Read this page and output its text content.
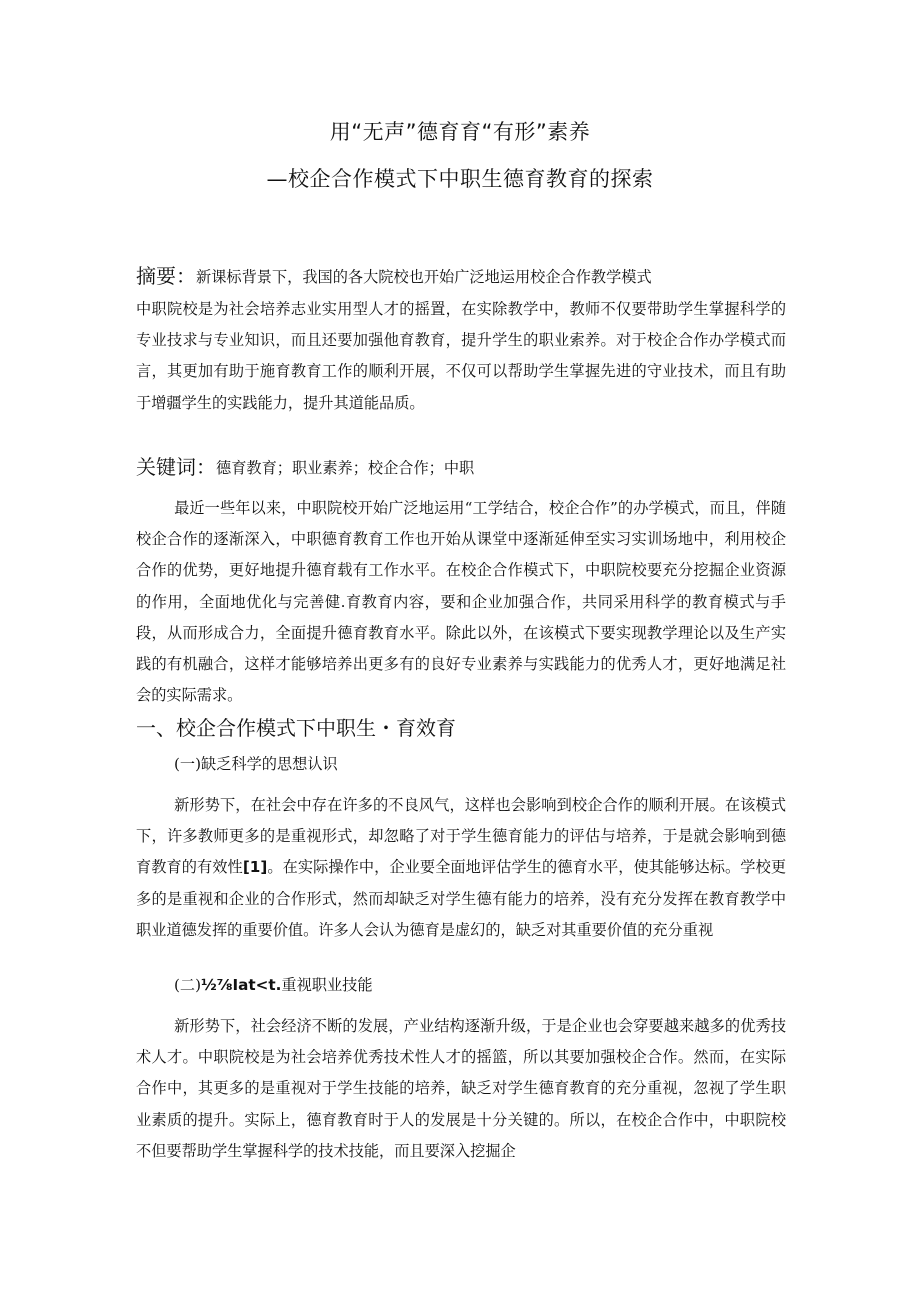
用“无声”德育育“有形”素养
—校企合作模式下中职生德育教育的探索

摘要：新课标背景下，我国的各大院校也开始广泛地运用校企合作教学模式

中职院校是为社会培养志业实用型人才的摇置，在实除教学中，教师不仅要带助学生掌握科学的专业技求与专业知识，而且还要加强他育教育，提升学生的职业索养。对于校企合作办学模式而言，其更加有助于施育教育工作的顺利开展，不仅可以帮助学生掌握先进的守业技术，而且有助于增疆学生的实践能力，提升其道能品质。

关键词：德育教育；职业素养；校企合作；中职

最近一些年以来，中职院校开始广泛地运用“工学结合，校企合作”的办学模式，而且，伴随校企合作的逐渐深入，中职德育教育工作也开始从课堂中逐渐延伸至实习实训场地中，利用校企合作的优势，更好地提升德育载有工作水平。在校企合作模式下，中职院校要充分挖掘企业资源的作用，全面地优化与完善健.育教育内容，要和企业加强合作，共同采用科学的教育模式与手段，从而形成合力，全面提升德育教育水平。除此以外，在该模式下要实现教学理论以及生产实践的有机融合，这样才能够培养出更多有的良好专业素养与实践能力的优秀人才，更好地满足社会的实际需求。

一、校企合作模式下中职生・育效育

(一)缺乏科学的思想认识

新形势下，在社会中存在许多的不良风气，这样也会影响到校企合作的顺利开展。在该模式下，许多教师更多的是重视形式，却忽略了对于学生德育能力的评估与培养，于是就会影响到德育教育的有效性[1]。在实际操作中，企业要全面地评估学生的德育水平，使其能够达标。学校更多的是重视和企业的合作形式，然而却缺乏对学生德有能力的培养，没有充分发挥在教育教学中职业道德发挥的重要价值。许多人会认为德育是虚幻的，缺乏对其重要价值的充分重视

(二)½⅞Ιat<t.重视职业技能

新形势下，社会经济不断的发展，产业结构逐渐升级，于是企业也会穿要越来越多的优秀技术人才。中职院校是为社会培养优秀技术性人才的摇篮，所以其要加强校企合作。然而，在实际合作中，其更多的是重视对于学生技能的培养，缺乏对学生德育教育的充分重视，忽视了学生职业素质的提升。实际上，德育教育时于人的发展是十分关键的。所以，在校企合作中，中职院校不但要帮助学生掌握科学的技术技能，而且要深入挖掘企
